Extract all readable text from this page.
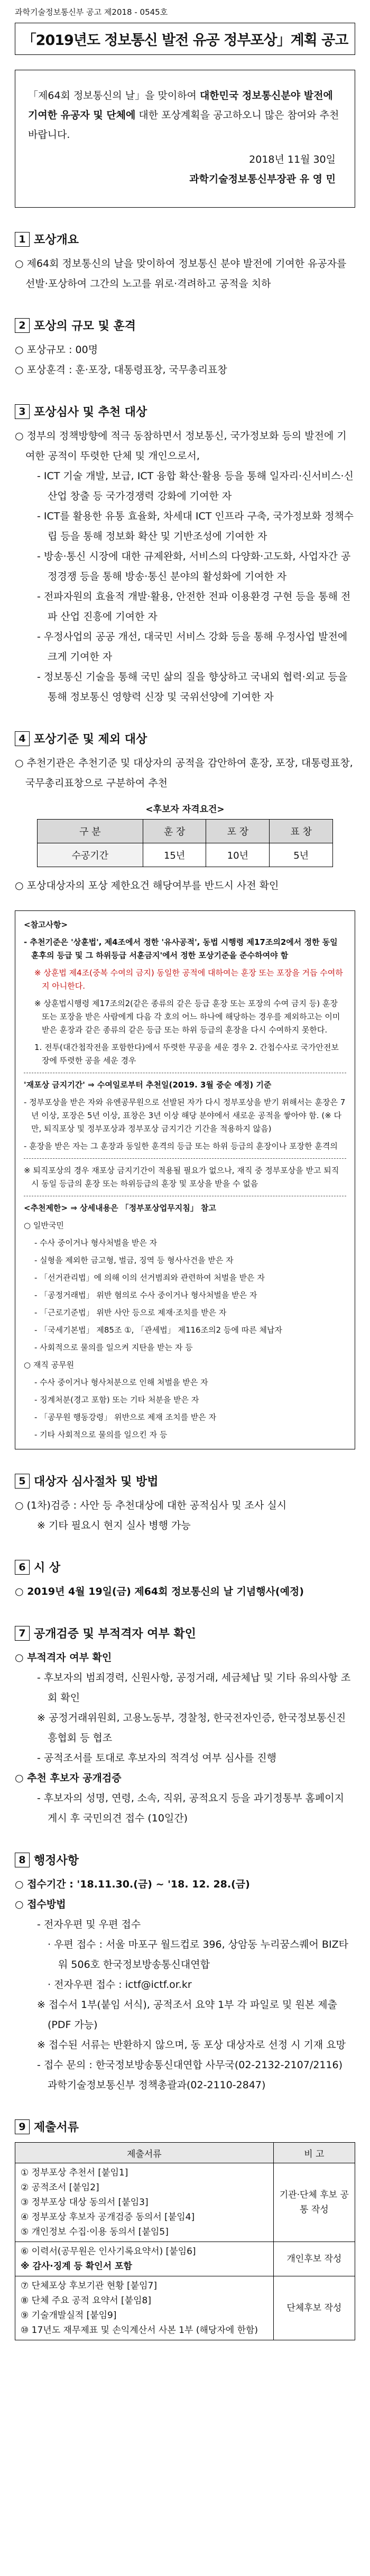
과학기술정보통신부 공고 제2018 - 0545호
「2019년도 정보통신 발전 유공 정부포상」계획 공고
「제64회 정보통신의 날」을 맞이하여 대한민국 정보통신분야 발전에 기여한 유공자 및 단체에 대한 포상계획을 공고하오니 많은 참여와 추천 바랍니다.
2018년 11월 30일
과학기술정보통신부장관 유 영 민
1 포상개요
○ 제64회 정보통신의 날을 맞이하여 정보통신 분야 발전에 기여한 유공자를 선발·포상하여 그간의 노고를 위로·격려하고 공적을 치하
2 포상의 규모 및 훈격
○ 포상규모 : 00명
○ 포상훈격 : 훈·포장, 대통령표창, 국무총리표창
3 포상심사 및 추천 대상
○ 정부의 정책방향에 적극 동참하면서 정보통신, 국가정보화 등의 발전에 기여한 공적이 뚜렷한 단체 및 개인으로서,
- ICT 기술 개발, 보급, ICT 융합 확산·활용 등을 통해 일자리·신서비스·신산업 창출 등 국가경쟁력 강화에 기여한 자
- ICT를 활용한 유통 효율화, 차세대 ICT 인프라 구축, 국가정보화 정책수립 등을 통해 정보화 확산 및 기반조성에 기여한 자
- 방송·통신 시장에 대한 규제완화, 서비스의 다양화·고도화, 사업자간 공정경쟁 등을 통해 방송·통신 분야의 활성화에 기여한 자
- 전파자원의 효율적 개발·활용, 안전한 전파 이용환경 구현 등을 통해 전파 산업 진흥에 기여한 자
- 우정사업의 공공 개선, 대국민 서비스 강화 등을 통해 우정사업 발전에 크게 기여한 자
- 정보통신 기술을 통해 국민 삶의 질을 향상하고 국내외 협력·외교 등을 통해 정보통신 영향력 신장 및 국위선양에 기여한 자
4 포상기준 및 제외 대상
○ 추천기관은 추천기준 및 대상자의 공적을 감안하여 훈장, 포장, 대통령표창, 국무총리표창으로 구분하여 추천
<후보자 자격요건>
구 분	훈 장	포 장	표 창
수공기간	15년	10년	5년
○ 포상대상자의 포상 제한요건 해당여부를 반드시 사전 확인
<참고사항>
- 추천기준은 '상훈법', 제4조에서 정한 '유사공적', 동법 시행령 제17조의2에서 정한 동일 훈후의 등급 및 그 하위등급 서훈금지'에서 정한 포상기준을 준수하여야 함
※ 상훈법 제4조(중복 수여의 금지) 동일한 공적에 대하여는 훈장 또는 포장을 거듭 수여하지 아니한다.
※ 상훈법시행령 제17조의2(같은 종류의 같은 등급 훈장 또는 포장의 수여 금지 등) 훈장 또는 포장을 받은 사람에게 다음 각 호의 어느 하나에 해당하는 경우를 제외하고는 이미 받은 훈장과 같은 종류의 같은 등급 또는 하위 등급의 훈장을 다시 수여하지 못한다.
1. 전투(대간첩작전을 포함한다)에서 뚜렷한 무공을 세운 경우 2. 간첩수사로 국가안전보장에 뚜렷한 공을 세운 경우
'재포상 금지기간' ⇒ 수여일로부터 추천일(2019. 3월 중순 예정) 기준
- 정부포상을 받은 자와 유엔공무원으로 선발된 자가 다시 정부포상을 받기 위해서는 훈장은 7년 이상, 포장은 5년 이상, 표창은 3년 이상 해당 분야에서 새로운 공적을 쌓아야 함. (※ 다만, 퇴직포상 및 정부포상과 정부포상 금지기간 기간을 적용하지 않음)
- 훈장을 받은 자는 그 훈장과 동일한 훈격의 등급 또는 하위 등급의 훈장이나 포장한 훈격의
※ 퇴직포상의 경우 재포상 금지기간이 적용될 필요가 없으나, 재직 중 정부포상을 받고 퇴직시 동일 등급의 훈장 또는 하위등급의 훈장 및 포상을 받을 수 없음
<추천제한> ⇒ 상세내용은 「정부포상업무지침」 참고
○ 일반국민
- 수사 중이거나 형사처벌을 받은 자
- 실형을 제외한 금고형, 벌금, 징역 등 형사사건을 받은 자
- 「선거관리법」에 의해 이의 선거범죄와 관련하여 처벌을 받은 자
- 「공정거래법」 위반 혐의로 수사 중이거나 형사처벌을 받은 자
- 「근로기준법」 위반 사안 등으로 제재·조치를 받은 자
- 「국세기본법」 제85조 ①, 「관세법」 제116조의2 등에 따른 체납자
- 사회적으로 물의를 일으켜 지탄을 받는 자 등
○ 재직 공무원
- 수사 중이거나 형사처분으로 인해 처벌을 받은 자
- 징계처분(경고 포함) 또는 기타 처분을 받은 자
- 「공무원 행동강령」 위반으로 제재 조치를 받은 자
- 기타 사회적으로 물의를 일으킨 자 등
5 대상자 심사절차 및 방법
○ (1차)검증 : 사안 등 추천대상에 대한 공적심사 및 조사 실시
※ 기타 필요시 현지 실사 병행 가능
6 시 상
○ 2019년 4월 19일(금) 제64회 정보통신의 날 기념행사(예정)
7 공개검증 및 부적격자 여부 확인
○ 부적격자 여부 확인
- 후보자의 범죄경력, 신원사항, 공정거래, 세금체납 및 기타 유의사항 조회 확인
※ 공정거래위원회, 고용노동부, 경찰청, 한국전자인증, 한국정보통신진흥협회 등 협조
- 공적조서를 토대로 후보자의 적격성 여부 심사를 진행
○ 추천 후보자 공개검증
- 후보자의 성명, 연령, 소속, 직위, 공적요지 등을 과기정통부 홈페이지 게시 후 국민의견 접수 (10일간)
8 행정사항
○ 접수기간 : '18.11.30.(금) ~ '18. 12. 28.(금)
○ 접수방법
- 전자우편 및 우편 접수
· 우편 접수 : 서울 마포구 월드컵로 396, 상암동 누리꿈스퀘어 BIZ타워 506호 한국정보방송통신대연합
· 전자우편 접수 : ictf@ictf.or.kr
※ 접수서 1부(붙임 서식), 공적조서 요약 1부 각 파일로 및 원본 제출 (PDF 가능)
※ 접수된 서류는 반환하지 않으며, 동 포상 대상자로 선정 시 기재 요망
- 접수 문의 : 한국정보방송통신대연합 사무국(02-2132-2107/2116) 과학기술정보통신부 정책총괄과(02-2110-2847)
9 제출서류
제출서류	비 고

① 정부포상 추천서 [붙임1]
② 공적조서 [붙임2]
③ 정부포상 대상 동의서 [붙임3]
④ 정부포상 후보자 공개검증 동의서 [붙임4]
⑤ 개인정보 수집·이용 동의서 [붙임5]	기관·단체 후보 공통 작성

⑥ 이력서(공무원은 인사기록요약서) [붙임6]
※ 감사·징계 등 확인서 포함	개인후보 작성

⑦ 단체포상 후보기관 현황 [붙임7]
⑧ 단체 주요 공적 요약서 [붙임8]
⑨ 기술개발실적 [붙임9]
⑩ 17년도 재무제표 및 손익계산서 사본 1부 (해당자에 한함)	단체후보 작성
